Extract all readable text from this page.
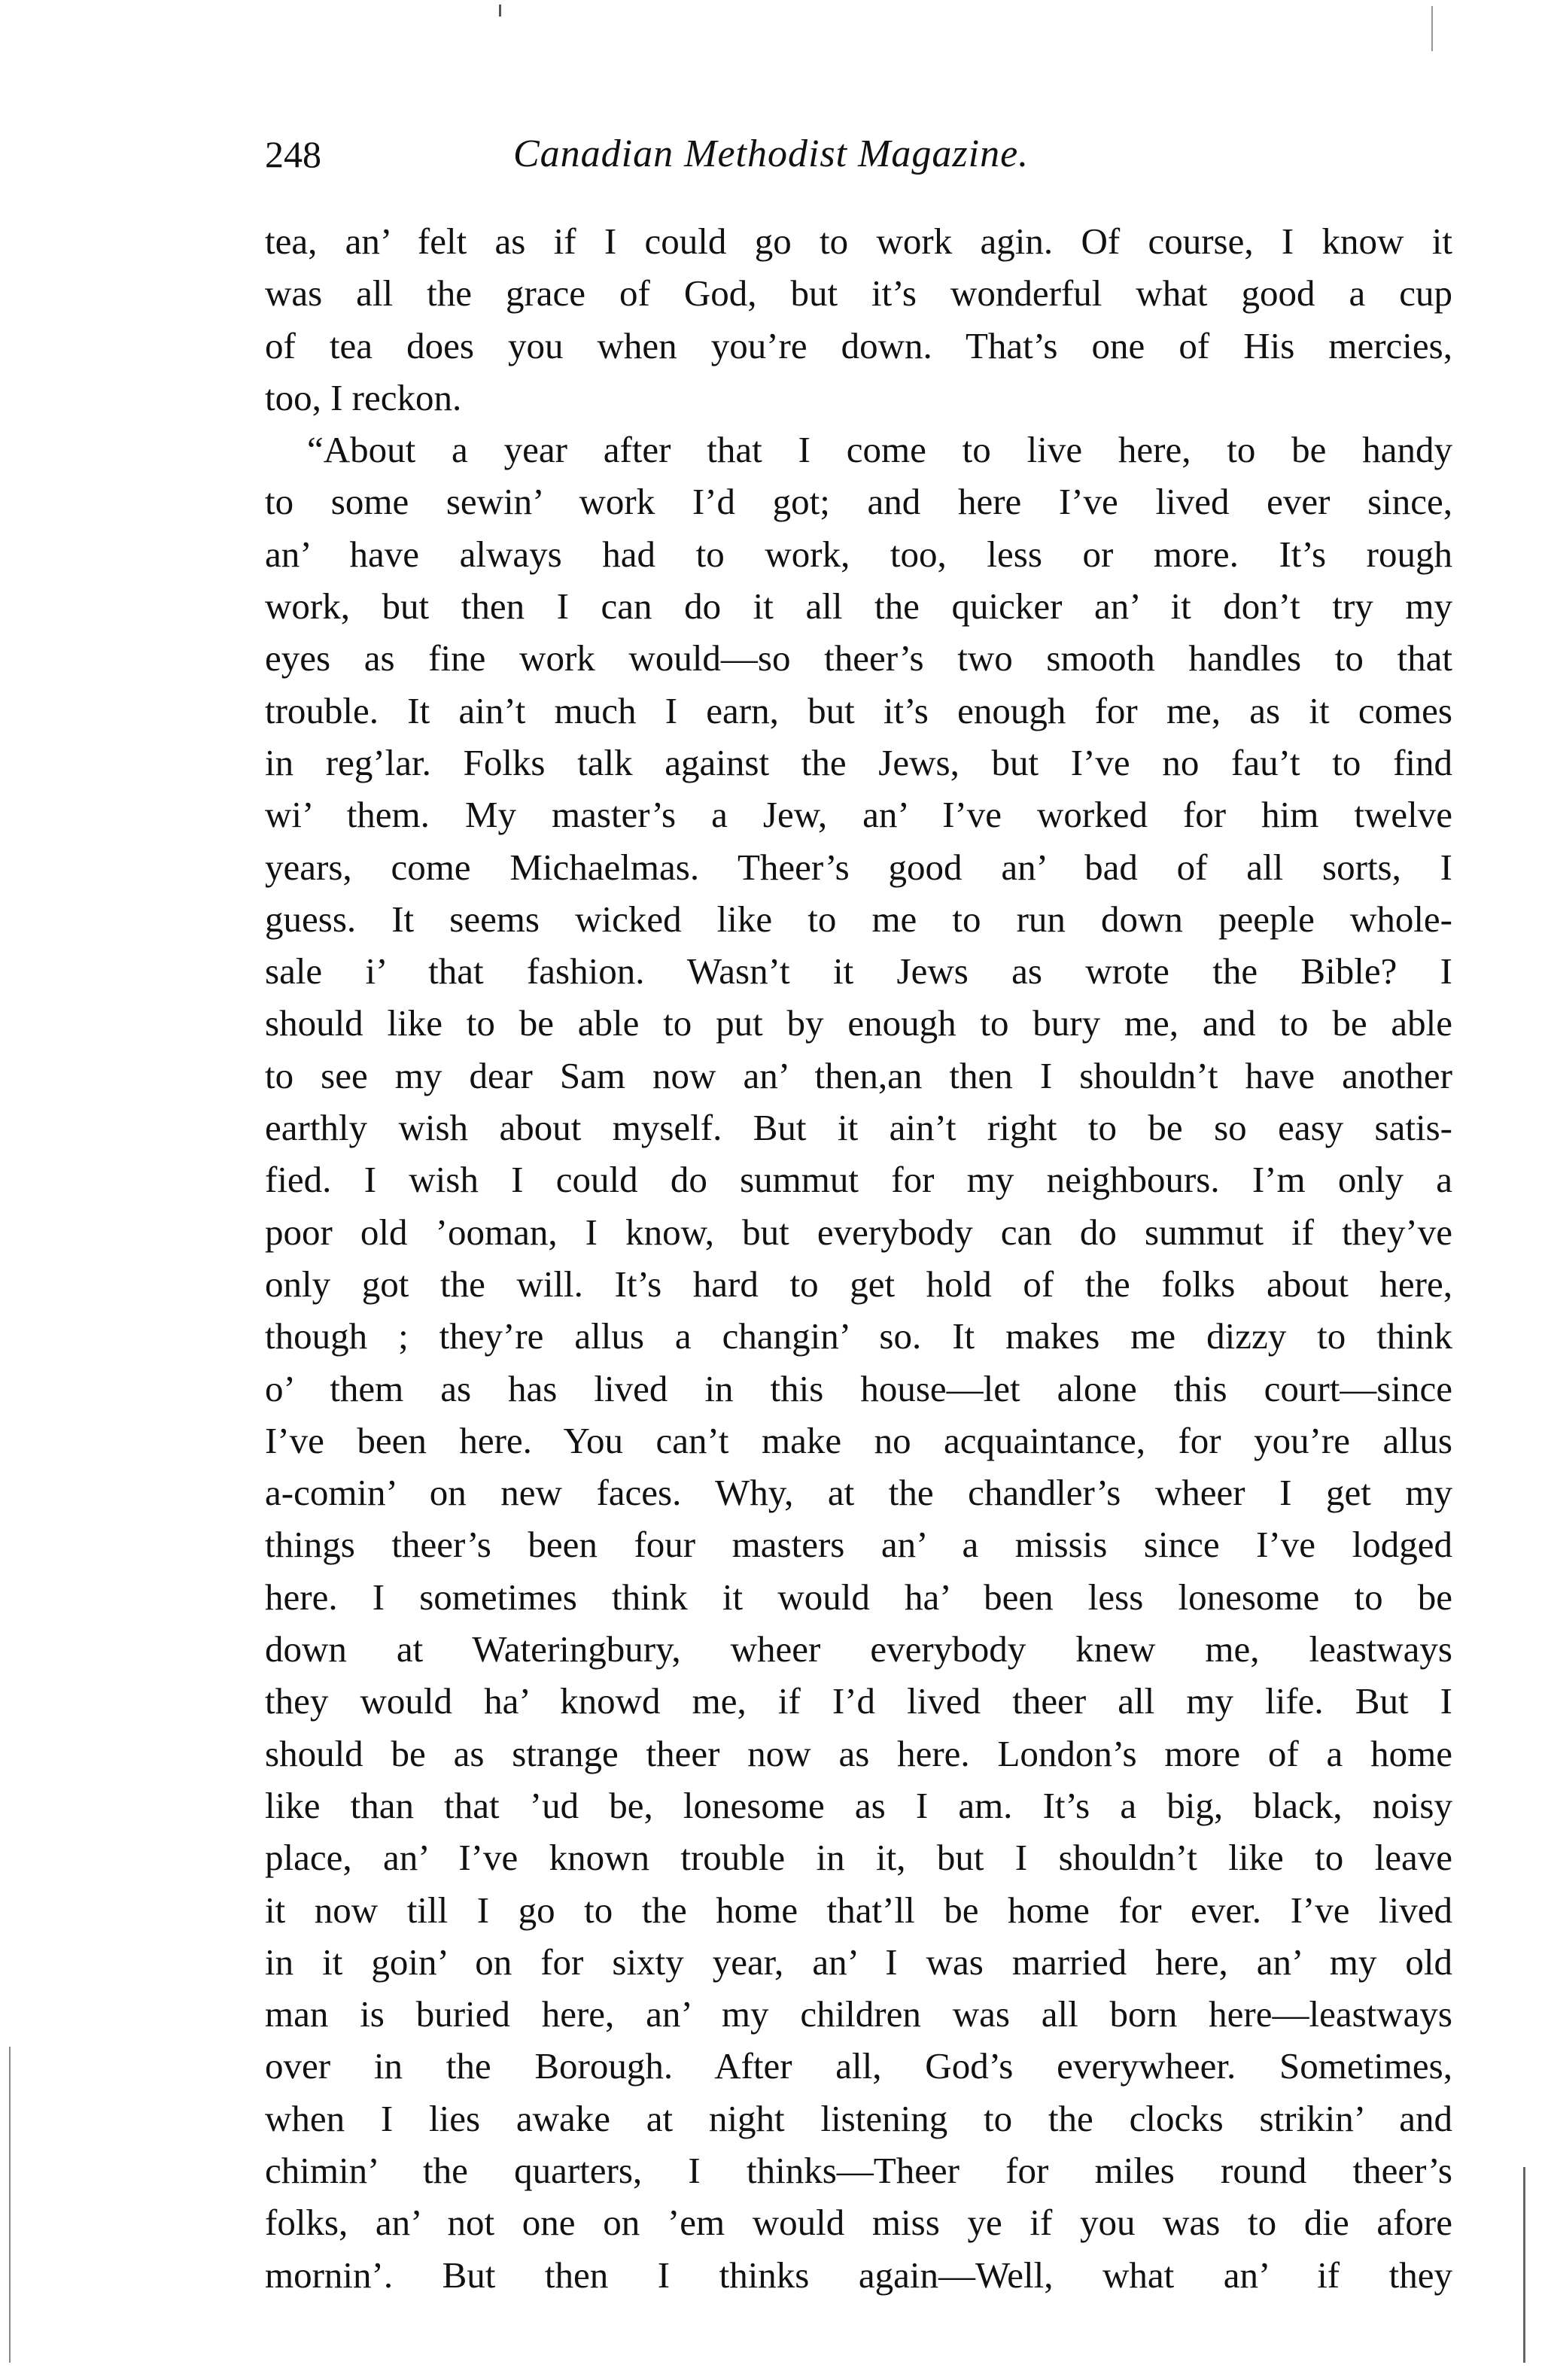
248	Canadian Methodist Magazine.
tea, an’ felt as if I could go to work agin. Of course, I know it
was all the grace of God, but it’s wonderful what good a cup
of tea does you when you’re down. That’s one of His mercies,
too, I reckon.
“About a year after that I come to live here, to be handy
to some sewin’ work I’d got; and here I’ve lived ever since,
an’ have always had to work, too, less or more. It’s rough
work, but then I can do it all the quicker an’ it don’t try my
eyes as fine work would—so theer’s two smooth handles to that
trouble. It ain’t much I earn, but it’s enough for me, as it comes
in reg’lar. Folks talk against the Jews, but I’ve no fau’t to find
wi’ them. My master’s a Jew, an’ I’ve worked for him twelve
years, come Michaelmas. Theer’s good an’ bad of all sorts, I
guess. It seems wicked like to me to run down peeple whole-
sale i’ that fashion. Wasn’t it Jews as wrote the Bible? I
should like to be able to put by enough to bury me, and to be able
to see my dear Sam now an’ then,an then I shouldn’t have another
earthly wish about myself. But it ain’t right to be so easy satis-
fied. I wish I could do summut for my neighbours. I’m only a
poor old ’ooman, I know, but everybody can do summut if they’ve
only got the will. It’s hard to get hold of the folks about here,
though ; they’re allus a changin’ so. It makes me dizzy to think
o’ them as has lived in this house—let alone this court—since
I’ve been here. You can’t make no acquaintance, for you’re allus
a-comin’ on new faces. Why, at the chandler’s wheer I get my
things theer’s been four masters an’ a missis since I’ve lodged
here. I sometimes think it would ha’ been less lonesome to be
down at Wateringbury, wheer everybody knew me, leastways
they would ha’ knowd me, if I’d lived theer all my life. But I
should be as strange theer now as here. London’s more of a home
like than that ’ud be, lonesome as I am. It’s a big, black, noisy
place, an’ I’ve known trouble in it, but I shouldn’t like to leave
it now till I go to the home that’ll be home for ever. I’ve lived
in it goin’ on for sixty year, an’ I was married here, an’ my old
man is buried here, an’ my children was all born here—leastways
over in the Borough. After all, God’s everywheer. Sometimes,
when I lies awake at night listening to the clocks strikin’ and
chimin’ the quarters, I thinks—Theer for miles round theer’s
folks, an’ not one on ’em would miss ye if you was to die afore
mornin’. But then I thinks again—Well, what an’ if they
